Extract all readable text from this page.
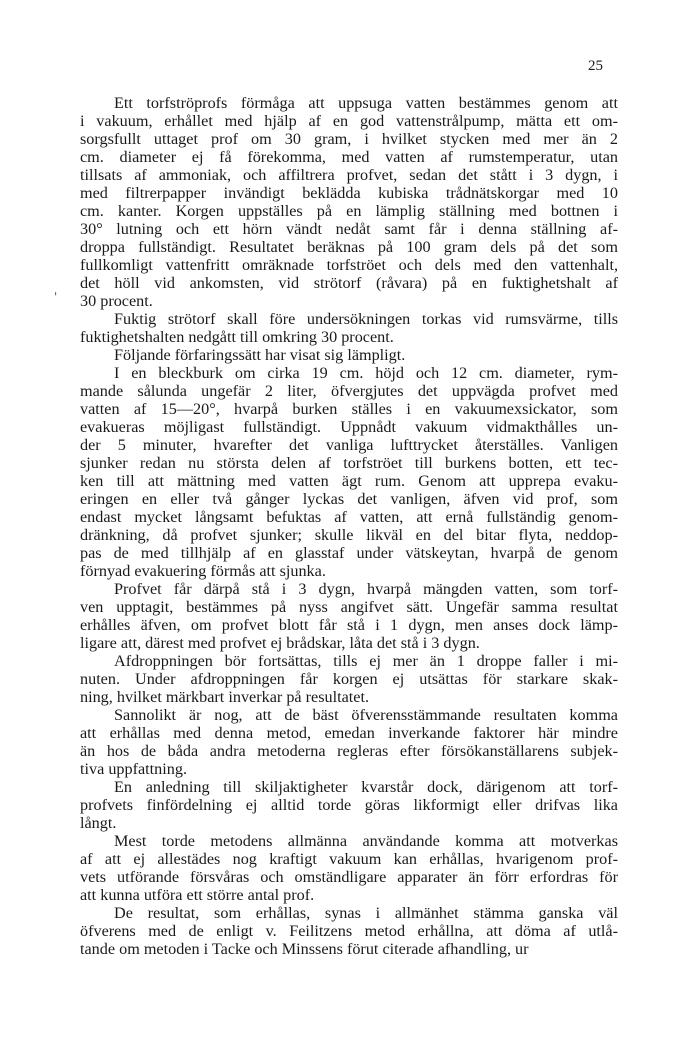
25
'
Ett torfströprofs förmåga att uppsuga vatten bestämmes genom att
i vakuum, erhållet med hjälp af en god vattenstrålpump, mätta ett om-
sorgsfullt uttaget prof om 30 gram, i hvilket stycken med mer än 2
cm. diameter ej få förekomma, med vatten af rumstemperatur, utan
tillsats af ammoniak, och affiltrera profvet, sedan det stått i 3 dygn, i
med filtrerpapper invändigt beklädda kubiska trådnätskorgar med 10
cm. kanter. Korgen uppställes på en lämplig ställning med bottnen i
30° lutning och ett hörn vändt nedåt samt får i denna ställning af-
droppa fullständigt. Resultatet beräknas på 100 gram dels på det som
fullkomligt vattenfritt omräknade torfströet och dels med den vattenhalt,
det höll vid ankomsten, vid strötorf (råvara) på en fuktighetshalt af
30 procent.
Fuktig strötorf skall före undersökningen torkas vid rumsvärme, tills
fuktighetshalten nedgått till omkring 30 procent.
Följande förfaringssätt har visat sig lämpligt.
I en bleckburk om cirka 19 cm. höjd och 12 cm. diameter, rym-
mande sålunda ungefär 2 liter, öfvergjutes det uppvägda profvet med
vatten af 15—20°, hvarpå burken ställes i en vakuumexsickator, som
evakueras möjligast fullständigt. Uppnådt vakuum vidmakthålles un-
der 5 minuter, hvarefter det vanliga lufttrycket återställes. Vanligen
sjunker redan nu största delen af torfströet till burkens botten, ett tec-
ken till att mättning med vatten ägt rum. Genom att upprepa evaku-
eringen en eller två gånger lyckas det vanligen, äfven vid prof, som
endast mycket långsamt befuktas af vatten, att ernå fullständig genom-
dränkning, då profvet sjunker; skulle likväl en del bitar flyta, neddop-
pas de med tillhjälp af en glasstaf under vätskeytan, hvarpå de genom
förnyad evakuering förmås att sjunka.
Profvet får därpå stå i 3 dygn, hvarpå mängden vatten, som torf-
ven upptagit, bestämmes på nyss angifvet sätt. Ungefär samma resultat
erhålles äfven, om profvet blott får stå i 1 dygn, men anses dock lämp-
ligare att, därest med profvet ej brådskar, låta det stå i 3 dygn.
Afdroppningen bör fortsättas, tills ej mer än 1 droppe faller i mi-
nuten. Under afdroppningen får korgen ej utsättas för starkare skak-
ning, hvilket märkbart inverkar på resultatet.
Sannolikt är nog, att de bäst öfverensstämmande resultaten komma
att erhållas med denna metod, emedan inverkande faktorer här mindre
än hos de båda andra metoderna regleras efter försökanställarens subjek-
tiva uppfattning.
En anledning till skiljaktigheter kvarstår dock, därigenom att torf-
profvets finfördelning ej alltid torde göras likformigt eller drifvas lika
långt.
Mest torde metodens allmänna användande komma att motverkas
af att ej allestädes nog kraftigt vakuum kan erhållas, hvarigenom prof-
vets utförande försvåras och omständligare apparater än förr erfordras för
att kunna utföra ett större antal prof.
De resultat, som erhållas, synas i allmänhet stämma ganska väl
öfverens med de enligt v. Feilitzens metod erhållna, att döma af utlå-
tande om metoden i Tacke och Minssens förut citerade afhandling, ur
